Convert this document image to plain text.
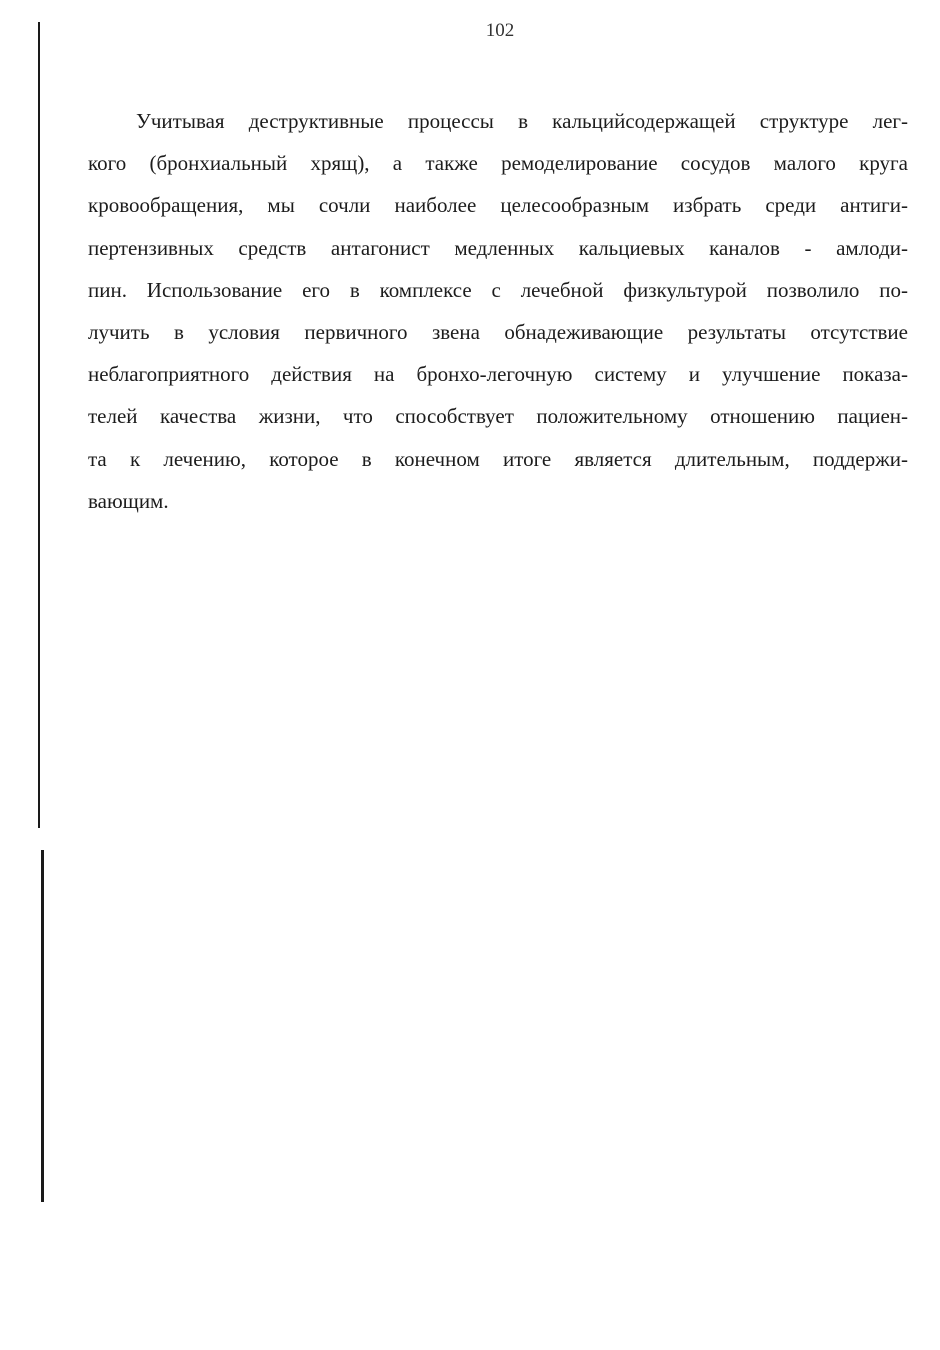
102
Учитывая деструктивные процессы в кальцийсодержащей структуре лег-
кого (бронхиальный хрящ), а также ремоделирование сосудов малого круга
кровообращения, мы сочли наиболее целесообразным избрать среди антиги-
пертензивных средств антагонист медленных кальциевых каналов - амлоди-
пин. Использование его в комплексе с лечебной физкультурой позволило по-
лучить в условия первичного звена обнадеживающие результаты отсутствие
неблагоприятного действия на бронхо-легочную систему и улучшение показа-
телей качества жизни, что способствует положительному отношению пациен-
та к лечению, которое в конечном итоге является длительным, поддержи-
вающим.
